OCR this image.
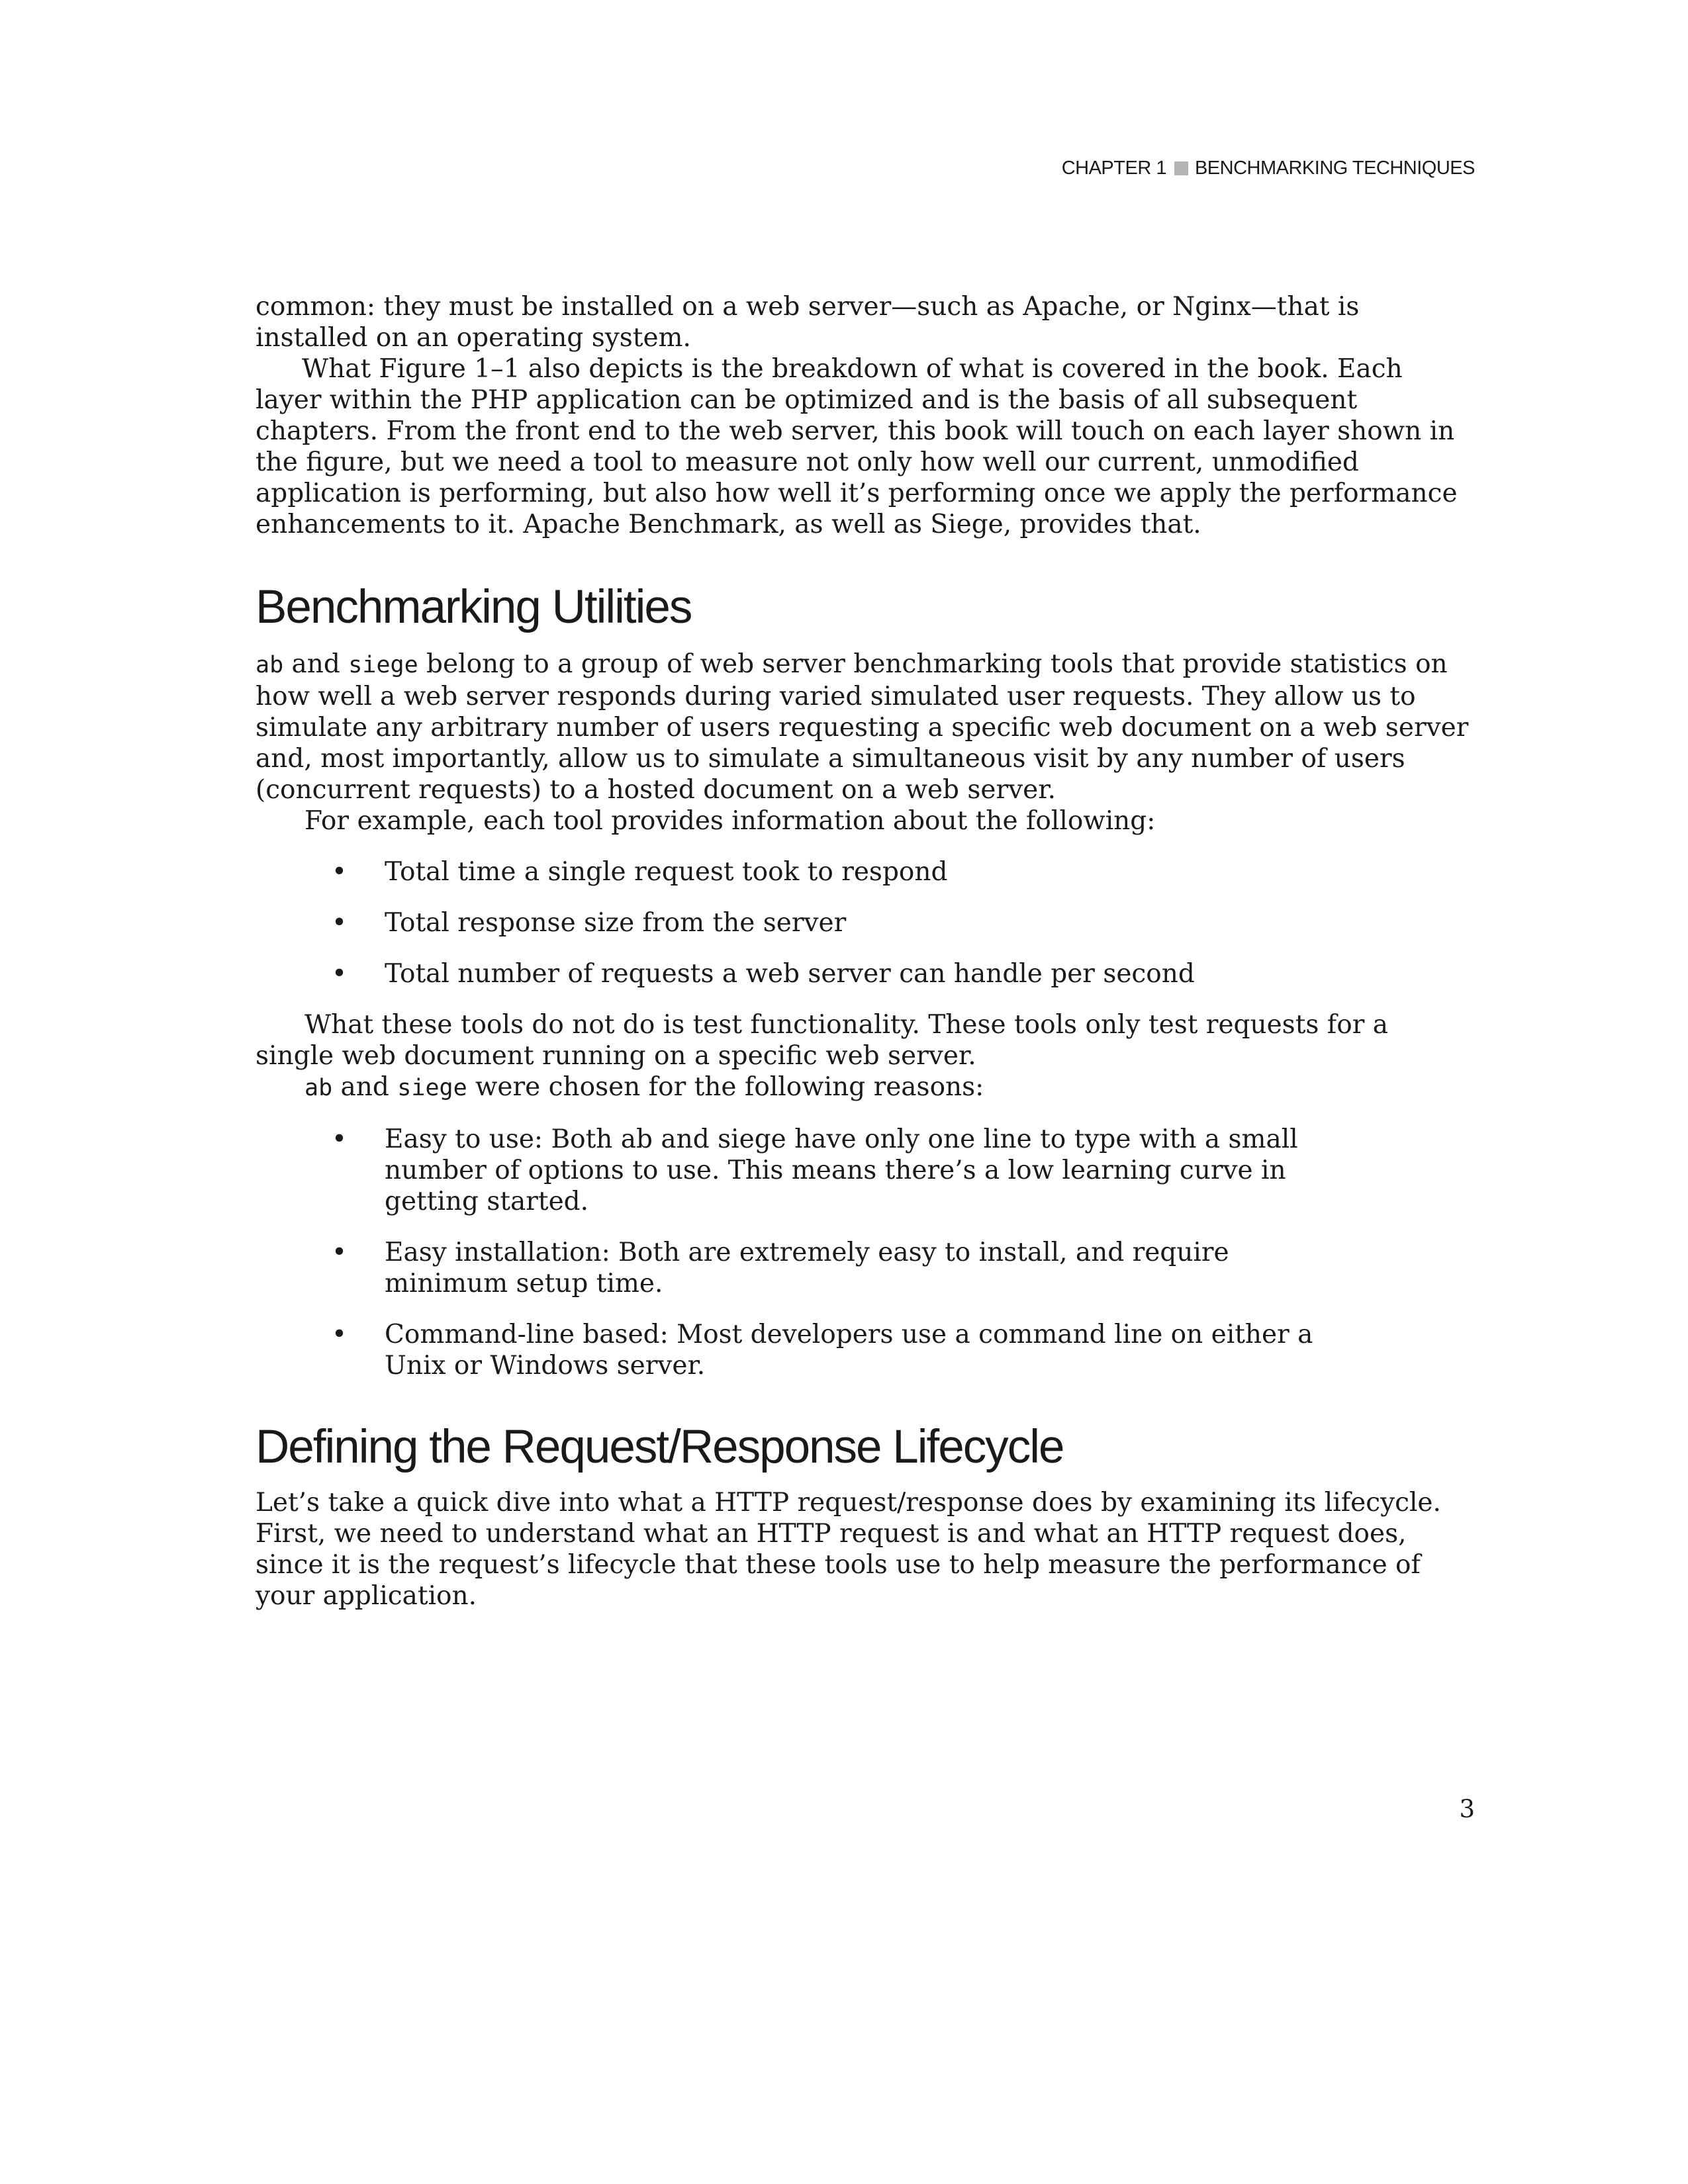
CHAPTER 1 BENCHMARKING TECHNIQUES

common: they must be installed on a web server—such as Apache, or Nginx—that is installed on an operating system.

What Figure 1–1 also depicts is the breakdown of what is covered in the book. Each layer within the PHP application can be optimized and is the basis of all subsequent chapters. From the front end to the web server, this book will touch on each layer shown in the figure, but we need a tool to measure not only how well our current, unmodified application is performing, but also how well it’s performing once we apply the performance enhancements to it. Apache Benchmark, as well as Siege, provides that.

Benchmarking Utilities

ab and siege belong to a group of web server benchmarking tools that provide statistics on how well a web server responds during varied simulated user requests. They allow us to simulate any arbitrary number of users requesting a specific web document on a web server and, most importantly, allow us to simulate a simultaneous visit by any number of users (concurrent requests) to a hosted document on a web server.

For example, each tool provides information about the following:

• Total time a single request took to respond
• Total response size from the server
• Total number of requests a web server can handle per second

What these tools do not do is test functionality. These tools only test requests for a single web document running on a specific web server.

ab and siege were chosen for the following reasons:

• Easy to use: Both ab and siege have only one line to type with a small number of options to use. This means there’s a low learning curve in getting started.
• Easy installation: Both are extremely easy to install, and require minimum setup time.
• Command-line based: Most developers use a command line on either a Unix or Windows server.
Defining the Request/Response Lifecycle

Let’s take a quick dive into what a HTTP request/response does by examining its lifecycle. First, we need to understand what an HTTP request is and what an HTTP request does, since it is the request’s lifecycle that these tools use to help measure the performance of your application.

3
